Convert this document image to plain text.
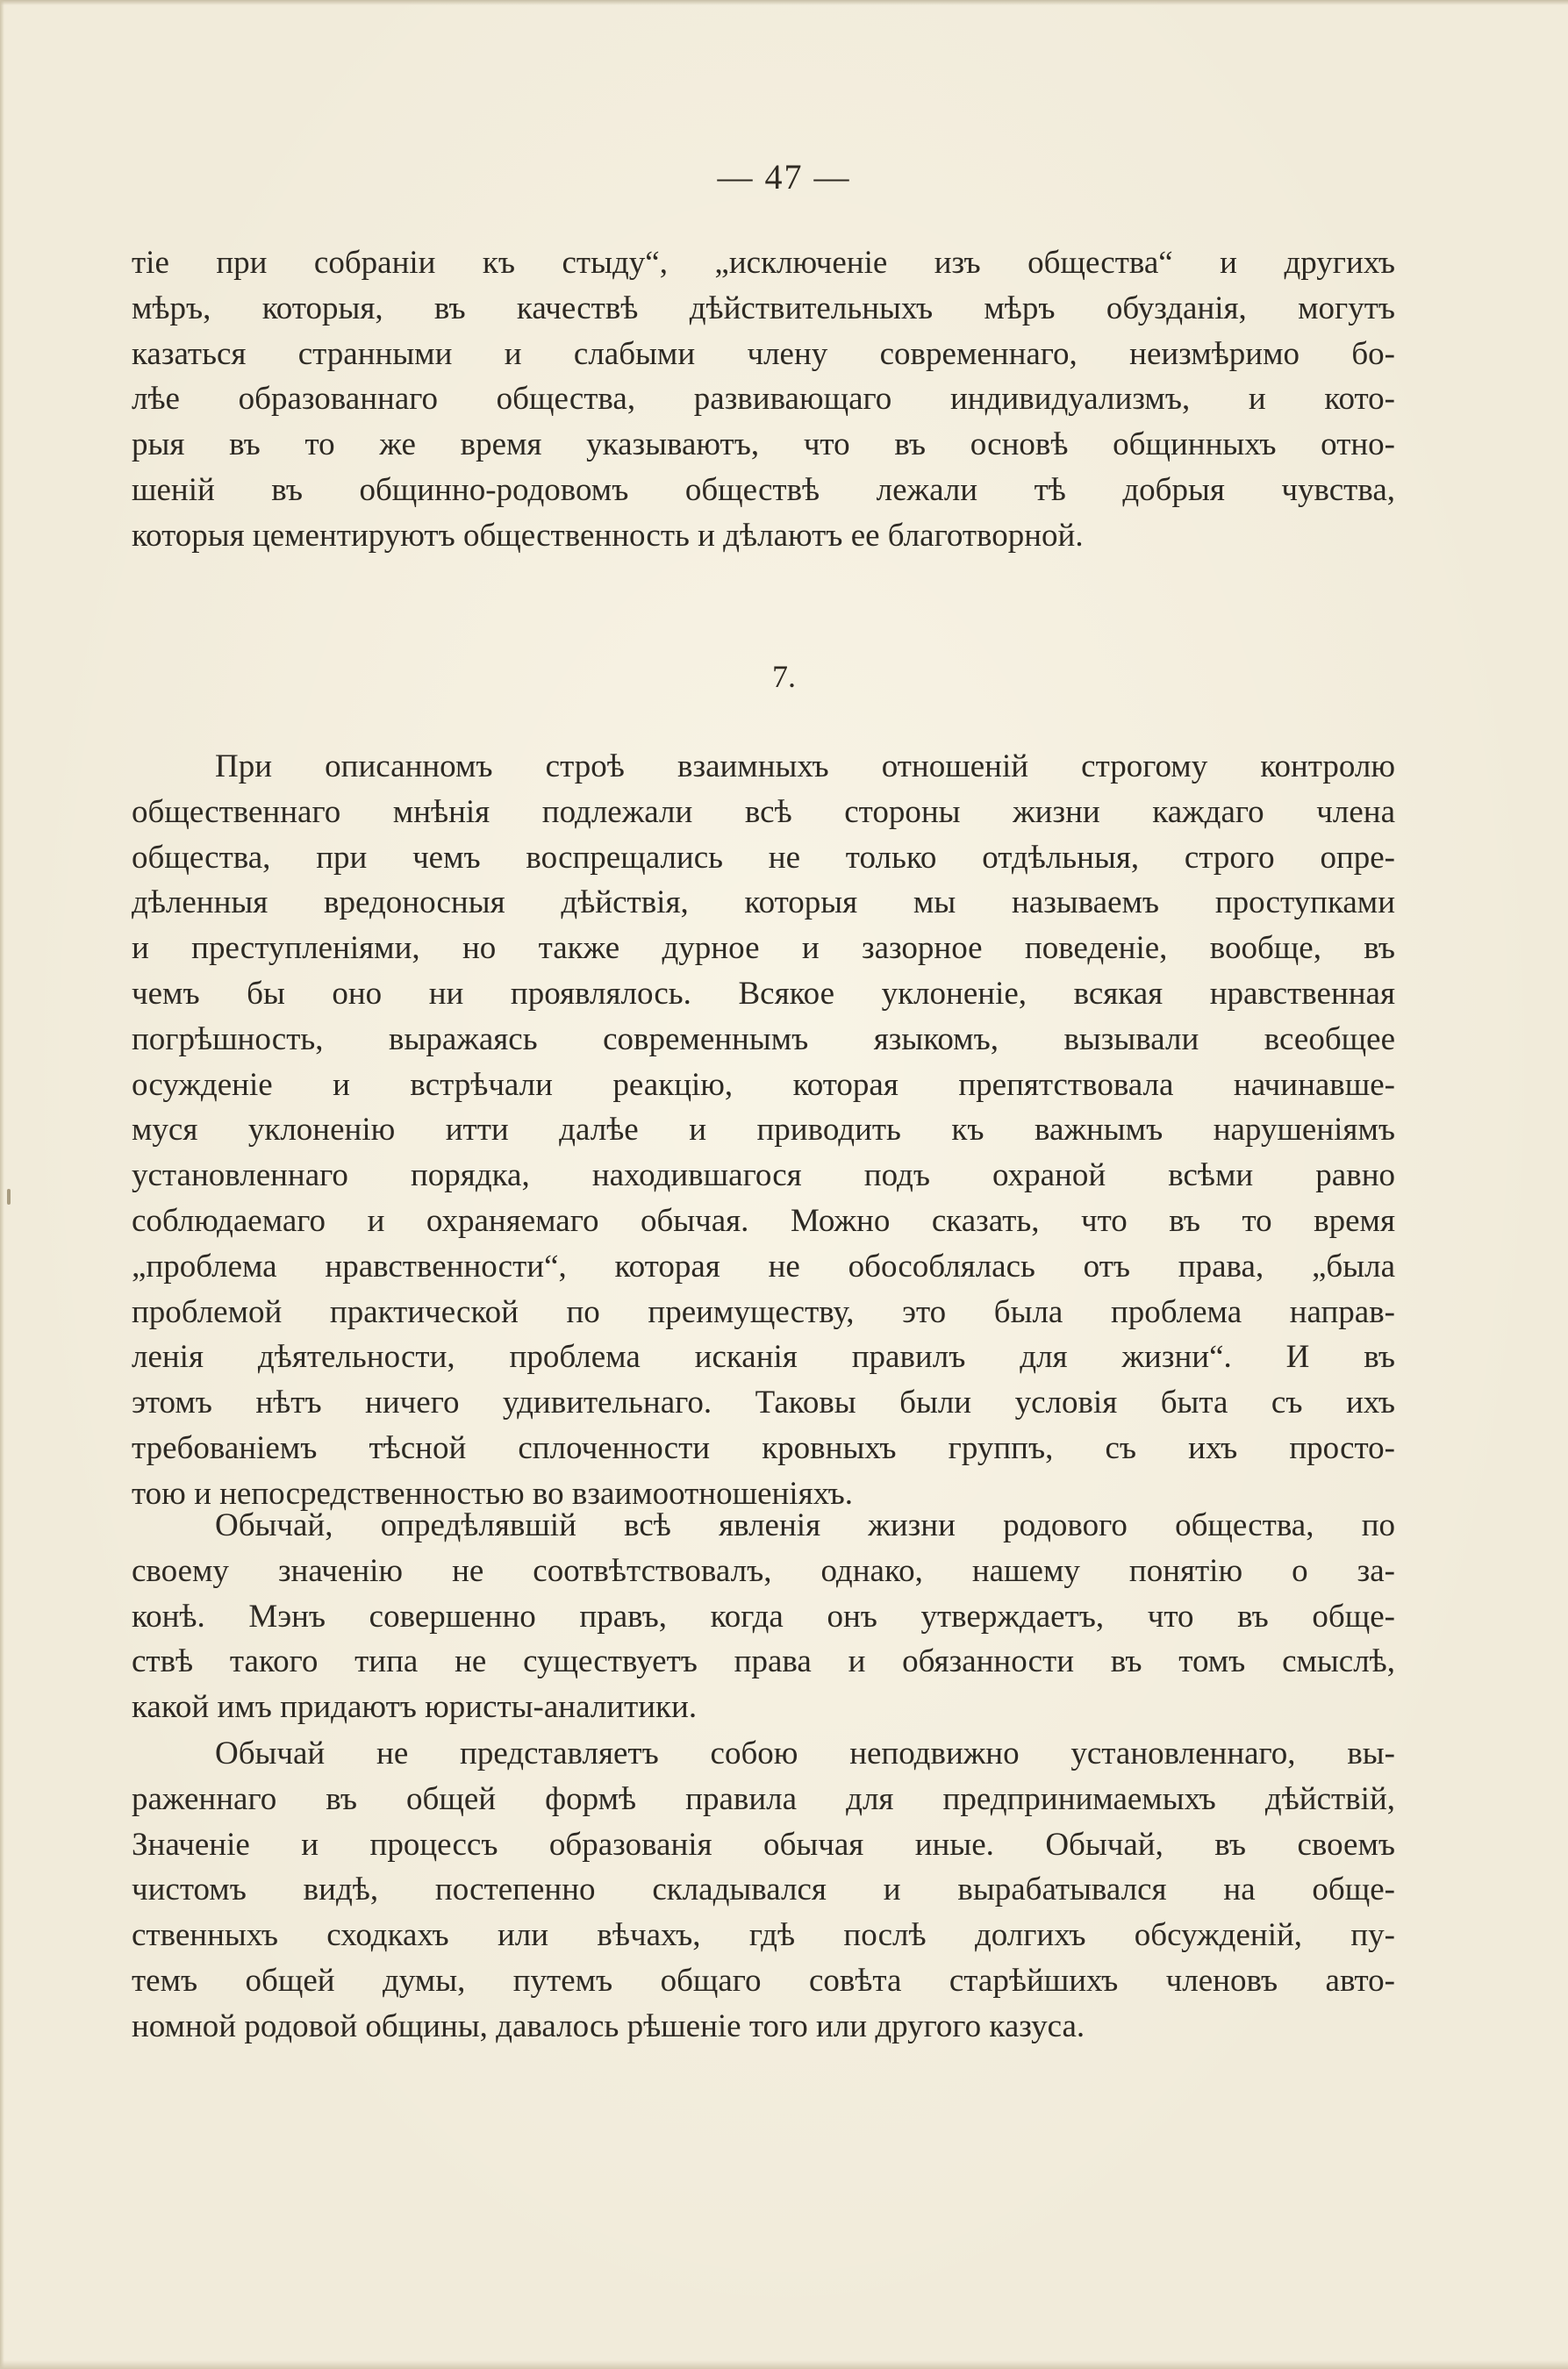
— 47 —
тіе при собраніи къ стыду“, „исключеніе изъ общества“ и другихъ
мѣръ, которыя, въ качествѣ дѣйствительныхъ мѣръ обузданія, могутъ
казаться странными и слабыми члену современнаго, неизмѣримо бо-
лѣе образованнаго общества, развивающаго индивидуализмъ, и кото-
рыя въ то же время указываютъ, что въ основѣ общинныхъ отно-
шеній въ общинно-родовомъ обществѣ лежали тѣ добрыя чувства,
которыя цементируютъ общественность и дѣлаютъ ее благотворной.
7.
При описанномъ строѣ взаимныхъ отношеній строгому контролю
общественнаго мнѣнія подлежали всѣ стороны жизни каждаго члена
общества, при чемъ воспрещались не только отдѣльныя, строго опре-
дѣленныя вредоносныя дѣйствія, которыя мы называемъ проступками
и преступленіями, но также дурное и зазорное поведеніе, вообще, въ
чемъ бы оно ни проявлялось. Всякое уклоненіе, всякая нравственная
погрѣшность, выражаясь современнымъ языкомъ, вызывали всеобщее
осужденіе и встрѣчали реакцію, которая препятствовала начинавше-
муся уклоненію итти далѣе и приводить къ важнымъ нарушеніямъ
установленнаго порядка, находившагося подъ охраной всѣми равно
соблюдаемаго и охраняемаго обычая. Можно сказать, что въ то время
„проблема нравственности“, которая не обособлялась отъ права, „была
проблемой практической по преимуществу, это была проблема направ-
ленія дѣятельности, проблема исканія правилъ для жизни“. И въ
этомъ нѣтъ ничего удивительнаго. Таковы были условія быта съ ихъ
требованіемъ тѣсной сплоченности кровныхъ группъ, съ ихъ просто-
тою и непосредственностью во взаимоотношеніяхъ.
Обычай, опредѣлявшій всѣ явленія жизни родового общества, по
своему значенію не соотвѣтствовалъ, однако, нашему понятію о за-
конѣ. Мэнъ совершенно правъ, когда онъ утверждаетъ, что въ обще-
ствѣ такого типа не существуетъ права и обязанности въ томъ смыслѣ,
какой имъ придаютъ юристы-аналитики.
Обычай не представляетъ собою неподвижно установленнаго, вы-
раженнаго въ общей формѣ правила для предпринимаемыхъ дѣйствій,
Значеніе и процессъ образованія обычая иные. Обычай, въ своемъ
чистомъ видѣ, постепенно складывался и вырабатывался на обще-
ственныхъ сходкахъ или вѣчахъ, гдѣ послѣ долгихъ обсужденій, пу-
темъ общей думы, путемъ общаго совѣта старѣйшихъ членовъ авто-
номной родовой общины, давалось рѣшеніе того или другого казуса.
